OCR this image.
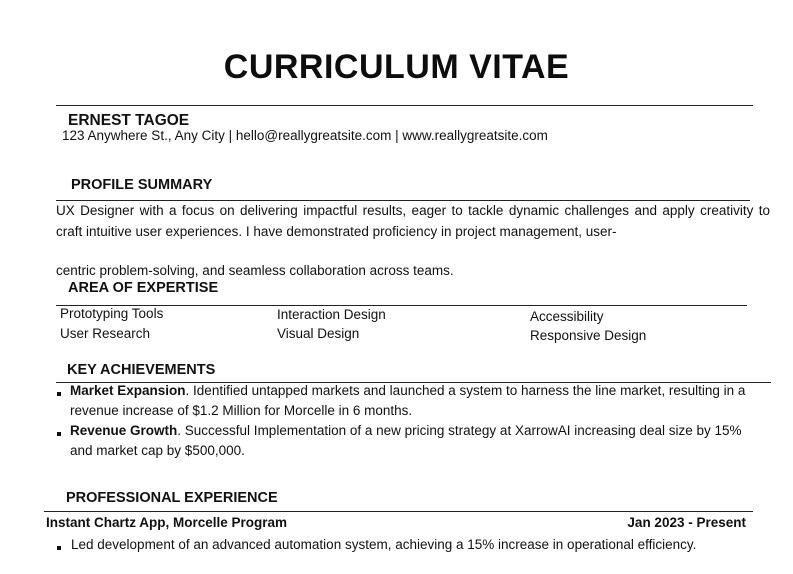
CURRICULUM VITAE
ERNEST TAGOE
123 Anywhere St., Any City | hello@reallygreatsite.com | www.reallygreatsite.com
PROFILE SUMMARY
UX Designer with a focus on delivering impactful results, eager to tackle dynamic challenges and apply creativity to craft intuitive user experiences. I have demonstrated proficiency in project management, user-
centric problem-solving, and seamless collaboration across teams.
AREA OF EXPERTISE
Prototyping Tools
User Research
Interaction Design
Visual Design
Accessibility
Responsive Design
KEY ACHIEVEMENTS
Market Expansion. Identified untapped markets and launched a system to harness the line market, resulting in a revenue increase of $1.2 Million for Morcelle in 6 months.
Revenue Growth. Successful Implementation of a new pricing strategy at XarrowAI increasing deal size by 15% and market cap by $500,000.
PROFESSIONAL EXPERIENCE
Instant Chartz App, Morcelle Program	Jan 2023 - Present
Led development of an advanced automation system, achieving a 15% increase in operational efficiency.
